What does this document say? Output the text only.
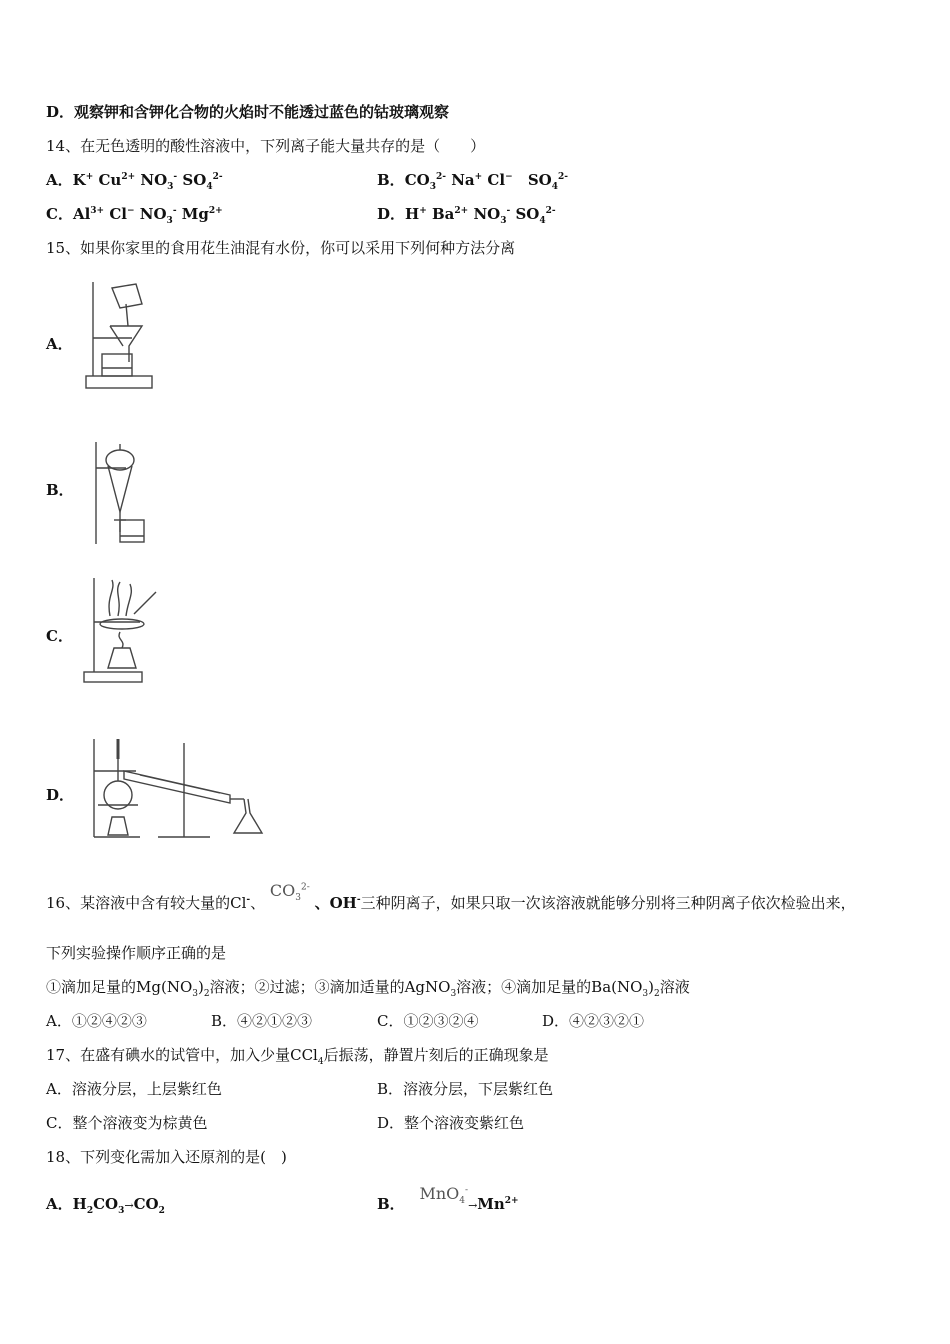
D．观察钾和含钾化合物的火焰时不能透过蓝色的钴玻璃观察
14、在无色透明的酸性溶液中，下列离子能大量共存的是（　　）
A．K+ $Cu^{2+}$ $NO_3^-$ $SO_4^{2-}$	B．$CO_3^{2-}$ Na+ Cl− $SO_4^{2-}$
C．$Al^{3+}$ Cl− $NO_3^-$ $Mg^{2+}$	D．H+ $Ba^{2+}$ $NO_3^-$ $SO_4^{2-}$
15、如果你家里的食用花生油混有水份，你可以采用下列何种方法分离
A．
B．
C．
D．
16、某溶液中含有较大量的Cl-、 $CO_3^{2-}$ 、OH-三种阴离子，如果只取一次该溶液就能够分别将三种阴离子依次检验出来，
下列实验操作顺序正确的是
①滴加足量的$Mg(NO_3)_2$溶液；②过滤；③滴加适量的AgNO$_3$溶液；④滴加足量的$Ba(NO_3)_2$溶液
A．①②④②③	B．④②①②③	C．①②③②④	D．④②③②①
17、在盛有碘水的试管中，加入少量CCl$_4$后振荡，静置片刻后的正确现象是
A．溶液分层，上层紫红色	B．溶液分层，下层紫红色
C．整个溶液变为棕黄色	D．整个溶液变紫红色
18、下列变化需加入还原剂的是(　)
A．$H_2CO_3\to CO_2$	B． $MnO_4^-\to Mn^{2+}$
